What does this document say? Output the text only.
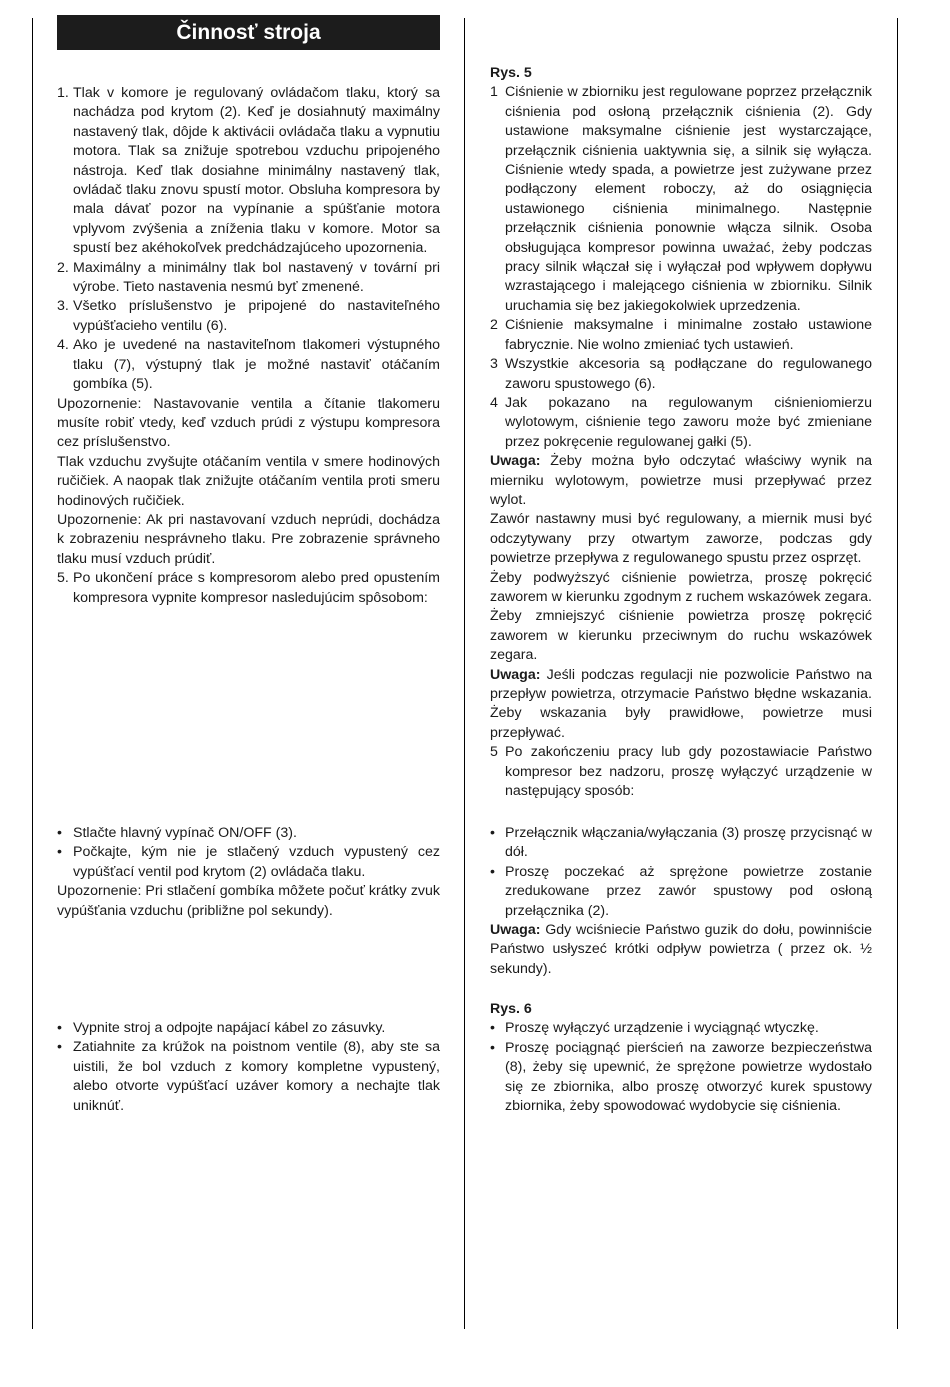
Činnosť stroja
1. Tlak v komore je regulovaný ovládačom tlaku, ktorý sa nachádza pod krytom (2). Keď je dosiahnutý maximálny nastavený tlak, dôjde k aktivácii ovládača tlaku a vypnutiu motora. Tlak sa znižuje spotrebou vzduchu pripojeného nástroja. Keď tlak dosiahne minimálny nastavený tlak, ovládač tlaku znovu spustí motor. Obsluha kompresora by mala dávať pozor na vypínanie a spúšťanie motora vplyvom zvýšenia a zníženia tlaku v komore. Motor sa spustí bez akéhokoľvek predchádzajúceho upozornenia.
2. Maximálny a minimálny tlak bol nastavený v tovární pri výrobe. Tieto nastavenia nesmú byť zmenené.
3. Všetko príslušenstvo je pripojené do nastaviteľného vypúšťacieho ventilu (6).
4. Ako je uvedené na nastaviteľnom tlakomeri výstupného tlaku (7), výstupný tlak je možné nastaviť otáčaním gombíka (5).

Upozornenie: Nastavovanie ventila a čítanie tlakomeru musíte robiť vtedy, keď vzduch prúdi z výstupu kompresora cez príslušenstvo.

Tlak vzduchu zvyšujte otáčaním ventila v smere hodinových ručičiek. A naopak tlak znižujte otáčaním ventila proti smeru hodinových ručičiek.

Upozornenie: Ak pri nastavovaní vzduch neprúdi, dochádza k zobrazeniu nesprávneho tlaku. Pre zobrazenie správneho tlaku musí vzduch prúdiť.

5. Po ukončení práce s kompresorom alebo pred opustením kompresora vypnite kompresor nasledujúcim spôsobom:
• Stlačte hlavný vypínač ON/OFF (3).
• Počkajte, kým nie je stlačený vzduch vypustený cez vypúšťací ventil pod krytom (2) ovládača tlaku.

Upozornenie: Pri stlačení gombíka môžete počuť krátky zvuk vypúšťania vzduchu (približne pol sekundy).

• Vypnite stroj a odpojte napájací kábel zo zásuvky.
• Zatiahnite za krúžok na poistnom ventile (8), aby ste sa uistili, že bol vzduch z komory kompletne vypustený, alebo otvorte vypúšťací uzáver komory a nechajte tlak uniknúť.

Rys. 5

1 Ciśnienie w zbiorniku jest regulowane poprzez przełącznik ciśnienia pod osłoną przełącznik ciśnienia (2). Gdy ustawione maksymalne ciśnienie jest wystarczające, przełącznik ciśnienia uaktywnia się, a silnik się wyłącza. Ciśnienie wtedy spada, a powietrze jest zużywane przez podłączony element roboczy, aż do osiągnięcia ustawionego ciśnienia minimalnego. Następnie przełącznik ciśnienia ponownie włącza silnik. Osoba obsługująca kompresor powinna uważać, żeby podczas pracy silnik włączał się i wyłączał pod wpływem dopływu wzrastającego i malejącego ciśnienia w zbiorniku. Silnik uruchamia się bez jakiegokolwiek uprzedzenia.
2 Ciśnienie maksymalne i minimalne zostało ustawione fabrycznie. Nie wolno zmieniać tych ustawień.
3 Wszystkie akcesoria są podłączane do regulowanego zaworu spustowego (6).
4 Jak pokazano na regulowanym ciśnieniomierzu wylotowym, ciśnienie tego zaworu może być zmieniane przez pokręcenie regulowanej gałki (5).

Uwaga: Żeby można było odczytać właściwy wynik na mierniku wylotowym, powietrze musi przepływać przez wylot.

Zawór nastawny musi być regulowany, a miernik musi być odczytywany przy otwartym zaworze, podczas gdy powietrze przepływa z regulowanego spustu przez osprzęt.

Żeby podwyższyć ciśnienie powietrza, proszę pokręcić zaworem w kierunku zgodnym z ruchem wskazówek zegara. Żeby zmniejszyć ciśnienie powietrza proszę pokręcić zaworem w kierunku przeciwnym do ruchu wskazówek zegara.

Uwaga: Jeśli podczas regulacji nie pozwolicie Państwo na przepływ powietrza, otrzymacie Państwo błędne wskazania. Żeby wskazania były prawidłowe, powietrze musi przepływać.

5 Po zakończeniu pracy lub gdy pozostawiacie Państwo kompresor bez nadzoru, proszę wyłączyć urządzenie w następujący sposób:
• Przełącznik włączania/wyłączania (3) proszę przycisnąć w dół.
• Proszę poczekać aż sprężone powietrze zostanie zredukowane przez zawór spustowy pod osłoną przełącznika (2).

Uwaga: Gdy wciśniecie Państwo guzik do dołu, powinniście Państwo usłyszeć krótki odpływ powietrza ( przez ok. ½ sekundy).

Rys. 6

• Proszę wyłączyć urządzenie i wyciągnąć wtyczkę.
• Proszę pociągnąć pierścień na zaworze bezpieczeństwa (8), żeby się upewnić, że sprężone powietrze wydostało się ze zbiornika, albo proszę otworzyć kurek spustowy zbiornika, żeby spowodować wydobycie się ciśnienia.
